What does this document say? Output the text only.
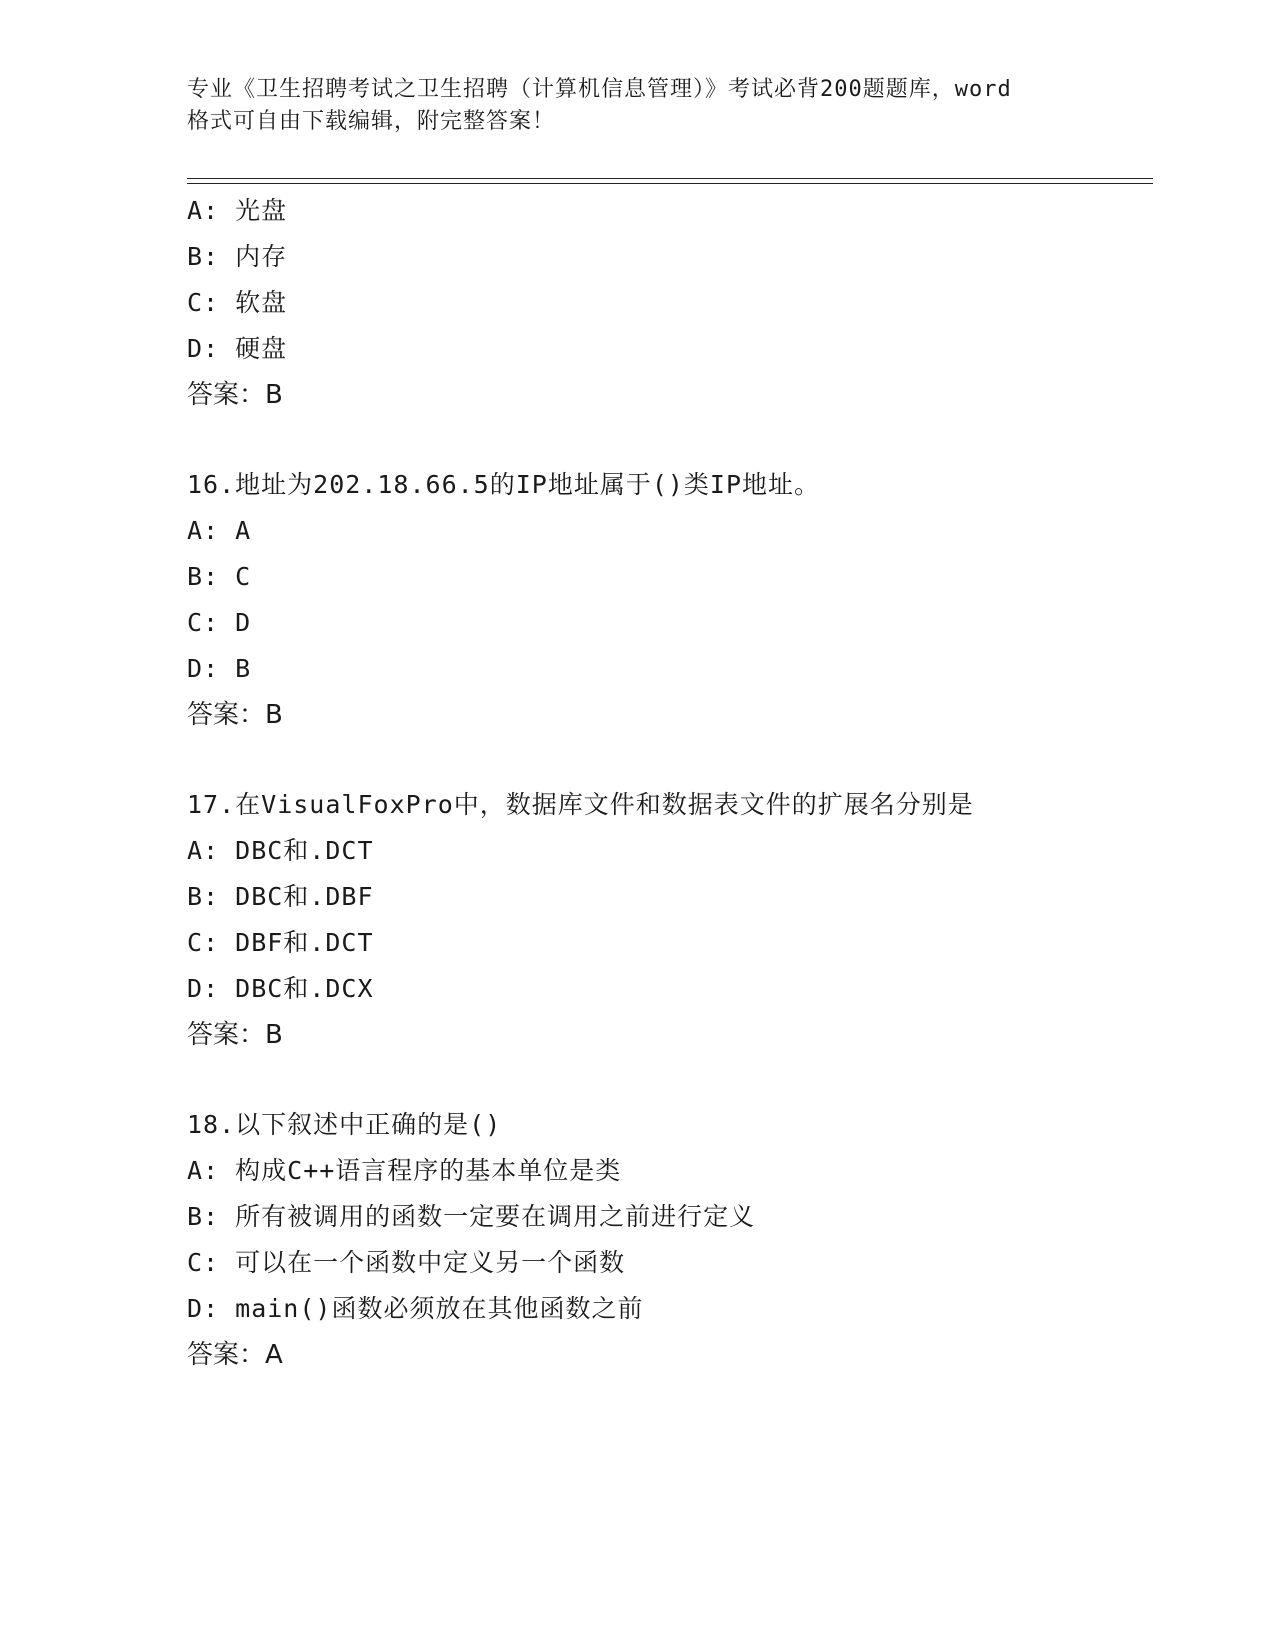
专业《卫生招聘考试之卫生招聘（计算机信息管理）》考试必背200题题库，word
格式可自由下载编辑，附完整答案！
A: 光盘
B: 内存
C: 软盘
D: 硬盘
答案：B
16.地址为202.18.66.5的IP地址属于()类IP地址。
A: A
B: C
C: D
D: B
答案：B
17.在VisualFoxPro中，数据库文件和数据表文件的扩展名分别是
A: DBC和.DCT
B: DBC和.DBF
C: DBF和.DCT
D: DBC和.DCX
答案：B
18.以下叙述中正确的是()
A: 构成C++语言程序的基本单位是类
B: 所有被调用的函数一定要在调用之前进行定义
C: 可以在一个函数中定义另一个函数
D: main()函数必须放在其他函数之前
答案：A
